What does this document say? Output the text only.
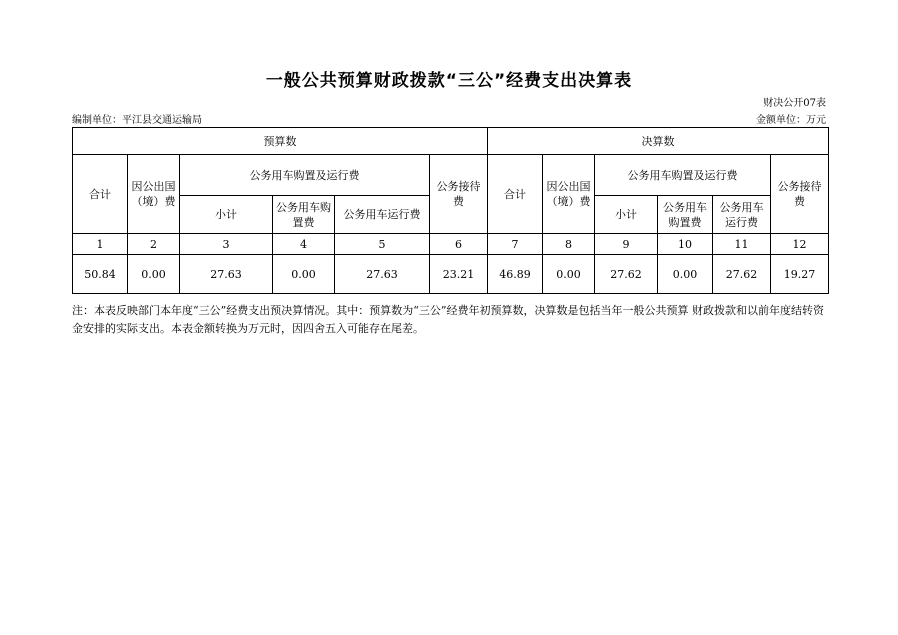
一般公共预算财政拨款“三公”经费支出决算表
财决公开07表
编制单位：平江县交通运输局	金额单位：万元
预算数						决算数					
合计	因公出国（境）费	公务用车购置及运行费			公务接待费	合计	因公出国（境）费	公务用车购置及运行费			公务接待费
		小计	公务用车购置费	公务用车运行费				小计	公务用车购置费	公务用车运行费	
1	2	3	4	5	6	7	8	9	10	11	12
50.84	0.00	27.63	0.00	27.63	23.21	46.89	0.00	27.62	0.00	27.62	19.27
注：本表反映部门本年度“三公”经费支出预决算情况。其中：预算数为“三公”经费年初预算数，决算数是包括当年一般公共预算 财政拨款和以前年度结转资金安排的实际支出。本表金额转换为万元时，因四舍五入可能存在尾差。
